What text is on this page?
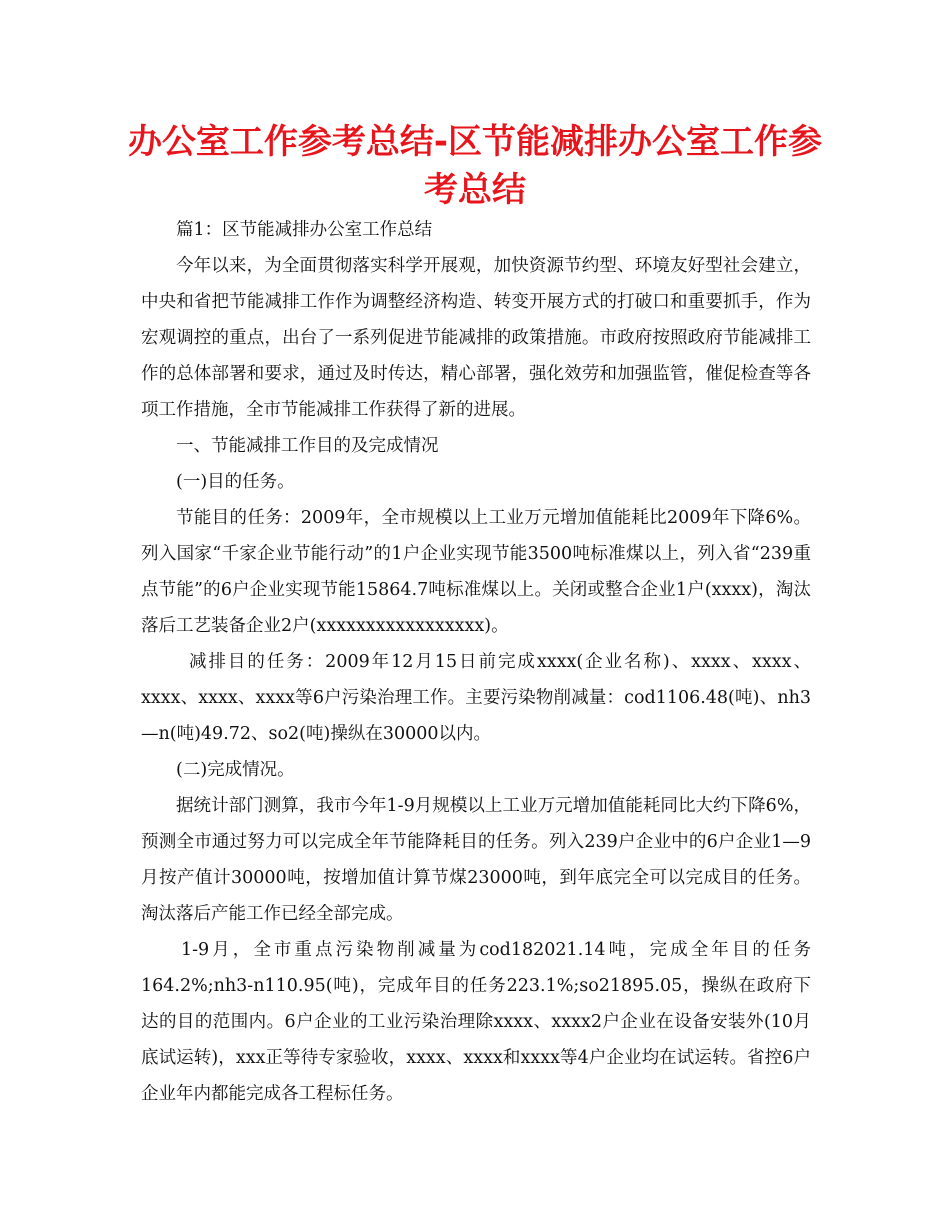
办公室工作参考总结-区节能减排办公室工作参考总结

篇1：区节能减排办公室工作总结

今年以来，为全面贯彻落实科学开展观，加快资源节约型、环境友好型社会建立，中央和省把节能减排工作作为调整经济构造、转变开展方式的打破口和重要抓手，作为宏观调控的重点，出台了一系列促进节能减排的政策措施。市政府按照政府节能减排工作的总体部署和要求，通过及时传达，精心部署，强化效劳和加强监管，催促检查等各项工作措施，全市节能减排工作获得了新的进展。

一、节能减排工作目的及完成情况

(一)目的任务。

节能目的任务：2009年，全市规模以上工业万元增加值能耗比2009年下降6%。列入国家“千家企业节能行动”的1户企业实现节能3500吨标准煤以上，列入省“239重点节能”的6户企业实现节能15864.7吨标准煤以上。关闭或整合企业1户(xxxx)，淘汰落后工艺装备企业2户(xxxxxxxxxxxxxxxxx)。

减排目的任务：2009年12月15日前完成xxxx(企业名称)、xxxx、xxxx、xxxx、xxxx、xxxx等6户污染治理工作。主要污染物削减量：cod1106.48(吨)、nh3—n(吨)49.72、so2(吨)操纵在30000以内。

(二)完成情况。

据统计部门测算，我市今年1-9月规模以上工业万元增加值能耗同比大约下降6%，预测全市通过努力可以完成全年节能降耗目的任务。列入239户企业中的6户企业1—9月按产值计30000吨，按增加值计算节煤23000吨，到年底完全可以完成目的任务。淘汰落后产能工作已经全部完成。

1-9月，全市重点污染物削减量为cod182021.14吨，完成全年目的任务164.2%;nh3-n110.95(吨)，完成年目的任务223.1%;so21895.05，操纵在政府下达的目的范围内。6户企业的工业污染治理除xxxx、xxxx2户企业在设备安装外(10月底试运转)，xxx正等待专家验收，xxxx、xxxx和xxxx等4户企业均在试运转。省控6户企业年内都能完成各工程标任务。
